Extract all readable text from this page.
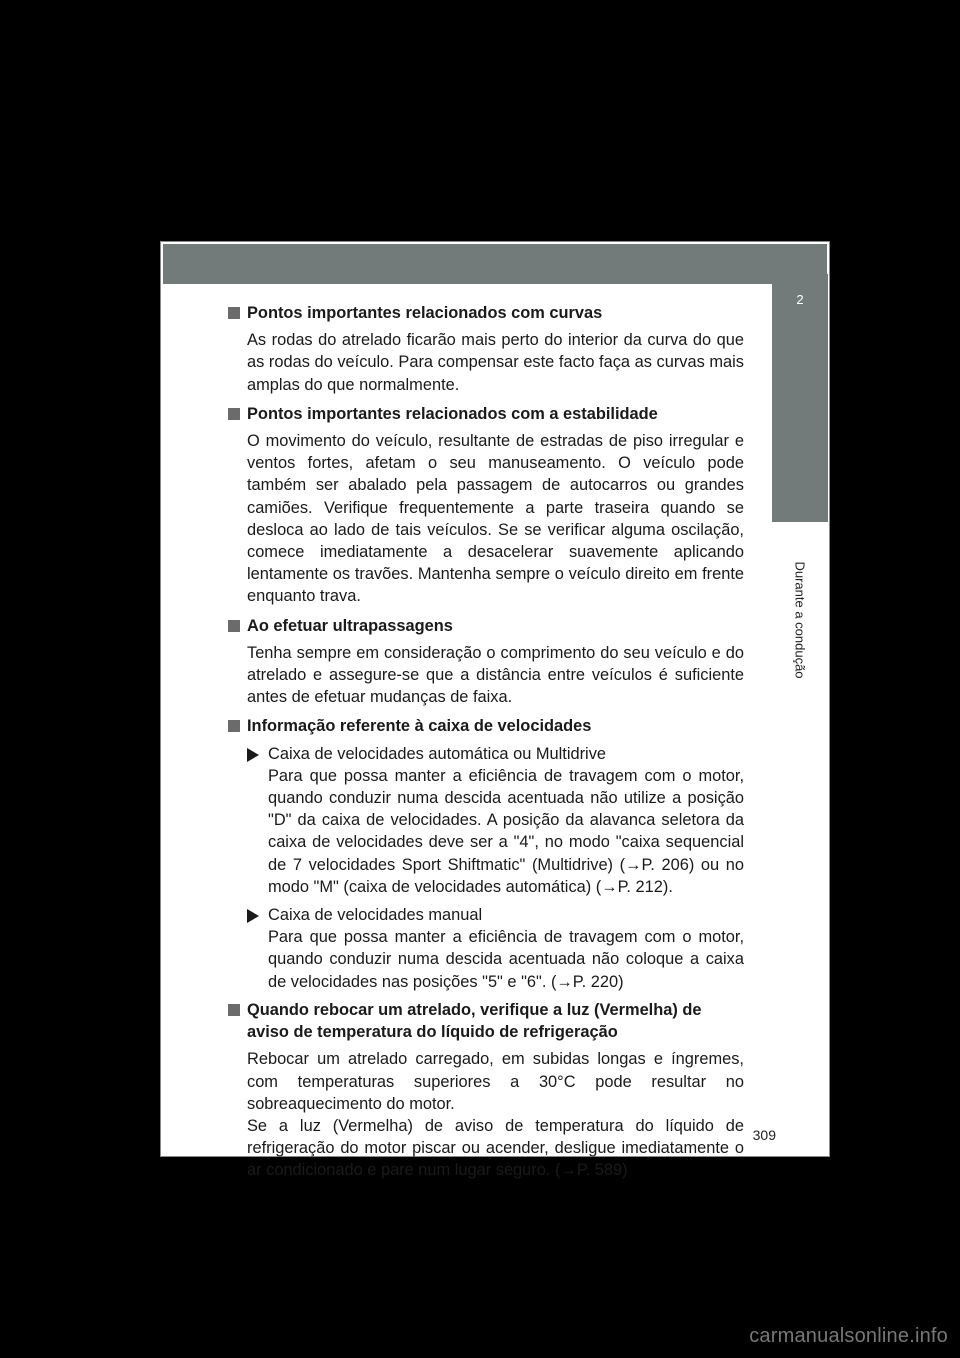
2
Durante a condução
Pontos importantes relacionados com curvas

As rodas do atrelado ficarão mais perto do interior da curva do que as rodas do veículo. Para compensar este facto faça as curvas mais amplas do que normalmente.

Pontos importantes relacionados com a estabilidade

O movimento do veículo, resultante de estradas de piso irregular e ventos fortes, afetam o seu manuseamento. O veículo pode também ser abalado pela passagem de autocarros ou grandes camiões. Verifique frequentemente a parte traseira quando se desloca ao lado de tais veículos. Se se verificar alguma oscilação, comece imediatamente a desacelerar suavemente aplicando lentamente os travões. Mantenha sempre o veículo direito em frente enquanto trava.

Ao efetuar ultrapassagens

Tenha sempre em consideração o comprimento do seu veículo e do atrelado e assegure-se que a distância entre veículos é suficiente antes de efetuar mudanças de faixa.

Informação referente à caixa de velocidades
Caixa de velocidades automática ou Multidrive
Para que possa manter a eficiência de travagem com o motor, quando conduzir numa descida acentuada não utilize a posição "D" da caixa de velocidades. A posição da alavanca seletora da caixa de velocidades deve ser a "4", no modo "caixa sequencial de 7 velocidades Sport Shiftmatic" (Multidrive) (→P. 206) ou no modo "M" (caixa de velocidades automática) (→P. 212).
Caixa de velocidades manual
Para que possa manter a eficiência de travagem com o motor, quando conduzir numa descida acentuada não coloque a caixa de velocidades nas posições "5" e "6". (→P. 220)
Quando rebocar um atrelado, verifique a luz (Vermelha) de aviso de temperatura do líquido de refrigeração

Rebocar um atrelado carregado, em subidas longas e íngremes, com temperaturas superiores a 30°C pode resultar no sobreaquecimento do motor.

Se a luz (Vermelha) de aviso de temperatura do líquido de refrigeração do motor piscar ou acender, desligue imediatamente o ar condicionado e pare num lugar seguro. (→P. 589)

309
carmanualsonline.info
